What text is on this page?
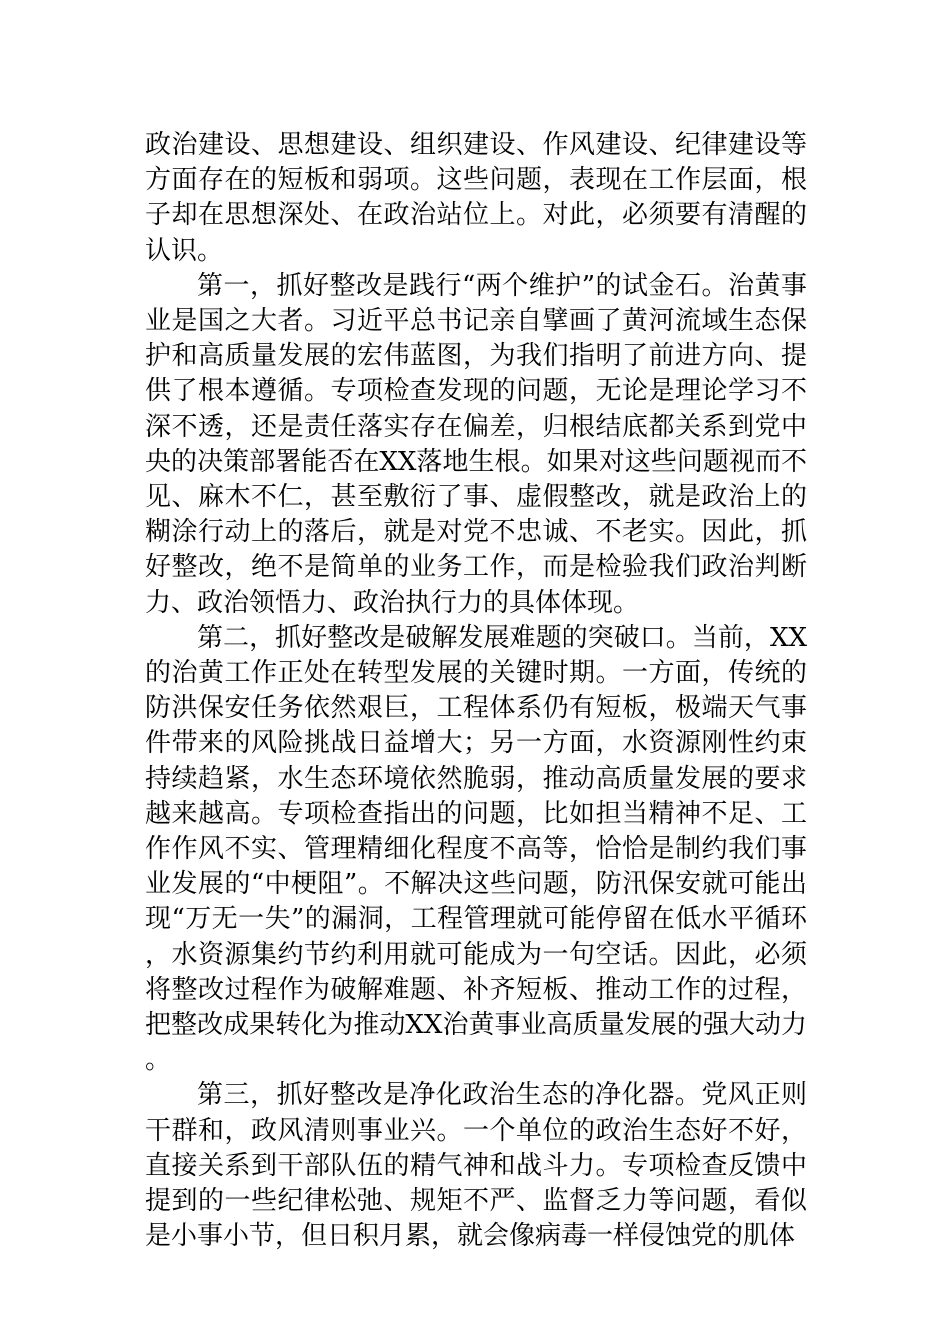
政治建设、思想建设、组织建设、作风建设、纪律建设等方面存在的短板和弱项。这些问题，表现在工作层面，根子却在思想深处、在政治站位上。对此，必须要有清醒的认识。

第一，抓好整改是践行“两个维护”的试金石。治黄事业是国之大者。习近平总书记亲自擘画了黄河流域生态保护和高质量发展的宏伟蓝图，为我们指明了前进方向、提供了根本遵循。专项检查发现的问题，无论是理论学习不深不透，还是责任落实存在偏差，归根结底都关系到党中央的决策部署能否在XX落地生根。如果对这些问题视而不见、麻木不仁，甚至敷衍了事、虚假整改，就是政治上的糊涂行动上的落后，就是对党不忠诚、不老实。因此，抓好整改，绝不是简单的业务工作，而是检验我们政治判断力、政治领悟力、政治执行力的具体体现。

第二，抓好整改是破解发展难题的突破口。当前，XX的治黄工作正处在转型发展的关键时期。一方面，传统的防洪保安任务依然艰巨，工程体系仍有短板，极端天气事件带来的风险挑战日益增大；另一方面，水资源刚性约束持续趋紧，水生态环境依然脆弱，推动高质量发展的要求越来越高。专项检查指出的问题，比如担当精神不足、工作作风不实、管理精细化程度不高等，恰恰是制约我们事业发展的“中梗阻”。不解决这些问题，防汛保安就可能出现“万无一失”的漏洞，工程管理就可能停留在低水平循环，水资源集约节约利用就可能成为一句空话。因此，必须将整改过程作为破解难题、补齐短板、推动工作的过程，把整改成果转化为推动XX治黄事业高质量发展的强大动力。

第三，抓好整改是净化政治生态的净化器。党风正则干群和，政风清则事业兴。一个单位的政治生态好不好，直接关系到干部队伍的精气神和战斗力。专项检查反馈中提到的一些纪律松弛、规矩不严、监督乏力等问题，看似是小事小节，但日积月累，就会像病毒一样侵蚀党的肌体
